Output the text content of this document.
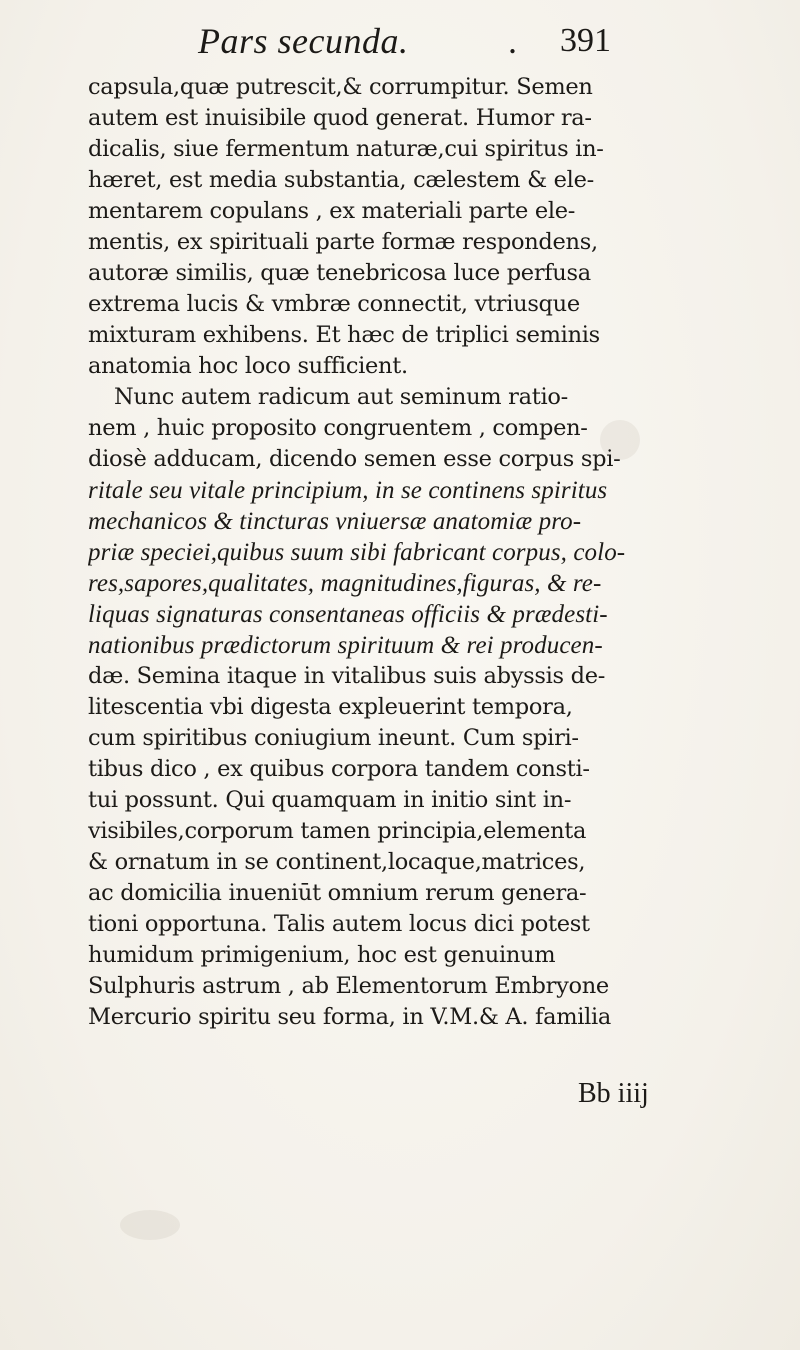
Pars secunda.	. 391
capsula,quæ putrescit,& corrumpitur. Semen
autem est inuisibile quod generat. Humor ra-
dicalis, siue fermentum naturæ,cui spiritus in-
hæret, est media substantia, cælestem & ele-
mentarem copulans , ex materiali parte ele-
mentis, ex spirituali parte formæ respondens,
autoræ similis, quæ tenebricosa luce perfusa
extrema lucis & vmbræ connectit, vtriusque
mixturam exhibens. Et hæc de triplici seminis
anatomia hoc loco sufficient.
Nunc autem radicum aut seminum ratio-
nem , huic proposito congruentem , compen-
diosè adducam, dicendo semen esse corpus spi-
ritale seu vitale principium, in se continens spiritus
mechanicos & tincturas vniuersæ anatomiæ pro-
priæ speciei,quibus suum sibi fabricant corpus, colo-
res,sapores,qualitates, magnitudines,figuras, & re-
liquas signaturas consentaneas officiis & prædesti-
nationibus prædictorum spirituum & rei producen-
dæ. Semina itaque in vitalibus suis abyssis de-
litescentia vbi digesta expleuerint tempora,
cum spiritibus coniugium ineunt. Cum spiri-
tibus dico , ex quibus corpora tandem consti-
tui possunt. Qui quamquam in initio sint in-
visibiles,corporum tamen principia,elementa
& ornatum in se continent,locaque,matrices,
ac domicilia inueniūt omnium rerum genera-
tioni opportuna. Talis autem locus dici potest
humidum primigenium, hoc est genuinum
Sulphuris astrum , ab Elementorum Embryone
Mercurio spiritu seu forma, in V.M.& A. familia
Bb iiij
